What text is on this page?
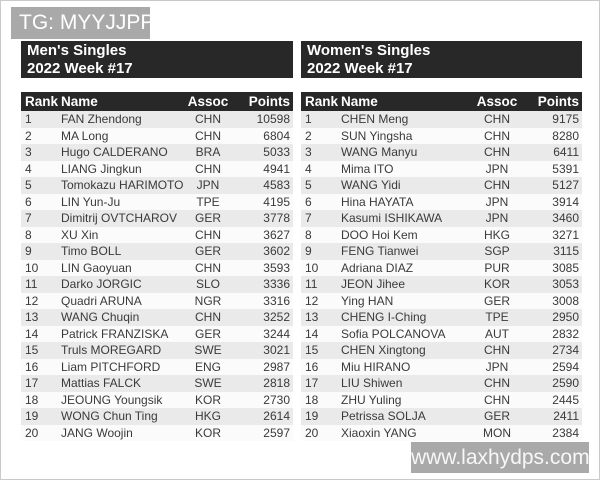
TG: MYYJJPP
Men's Singles
2022 Week #17
Rank Name	Assoc	Points
1	FAN Zhendong	CHN	10598
2	MA Long	CHN	6804
3	Hugo CALDERANO	BRA	5033
4	LIANG Jingkun	CHN	4941
5	Tomokazu HARIMOTO	JPN	4583
6	LIN Yun-Ju	TPE	4195
7	Dimitrij OVTCHAROV	GER	3778
8	XU Xin	CHN	3627
9	Timo BOLL	GER	3602
10	LIN Gaoyuan	CHN	3593
11	Darko JORGIC	SLO	3336
12	Quadri ARUNA	NGR	3316
13	WANG Chuqin	CHN	3252
14	Patrick FRANZISKA	GER	3244
15	Truls MOREGARD	SWE	3021
16	Liam PITCHFORD	ENG	2987
17	Mattias FALCK	SWE	2818
18	JEOUNG Youngsik	KOR	2730
19	WONG Chun Ting	HKG	2614
20	JANG Woojin	KOR	2597
Women's Singles
2022 Week #17
Rank Name	Assoc	Points
1	CHEN Meng	CHN	9175
2	SUN Yingsha	CHN	8280
3	WANG Manyu	CHN	6411
4	Mima ITO	JPN	5391
5	WANG Yidi	CHN	5127
6	Hina HAYATA	JPN	3914
7	Kasumi ISHIKAWA	JPN	3460
8	DOO Hoi Kem	HKG	3271
9	FENG Tianwei	SGP	3115
10	Adriana DIAZ	PUR	3085
11	JEON Jihee	KOR	3053
12	Ying HAN	GER	3008
13	CHENG I-Ching	TPE	2950
14	Sofia POLCANOVA	AUT	2832
15	CHEN Xingtong	CHN	2734
16	Miu HIRANO	JPN	2594
17	LIU Shiwen	CHN	2590
18	ZHU Yuling	CHN	2445
19	Petrissa SOLJA	GER	2411
20	Xiaoxin YANG	MON	2384
www.laxhydps.com
